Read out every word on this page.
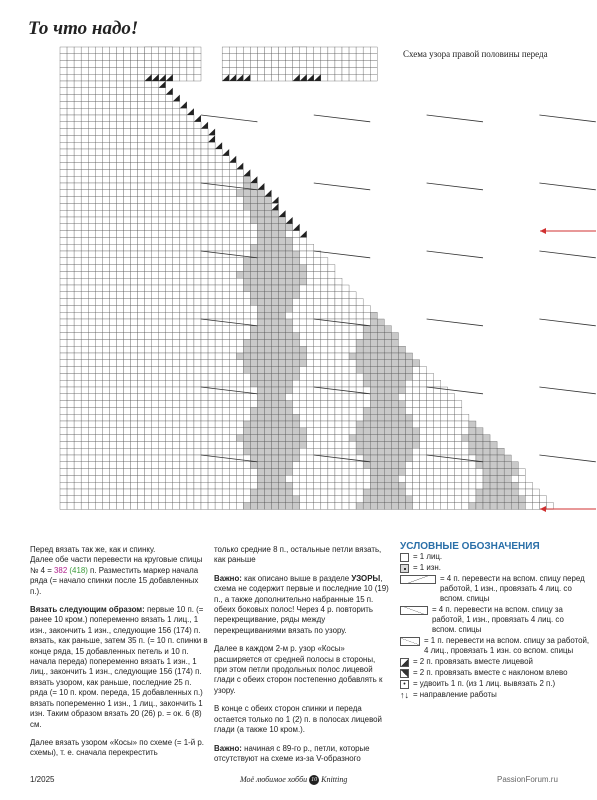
То что надо!
Схема узора правой половины переда

Перед вязать так же, как и спинку.
Далее обе части перевести на круговые спицы № 4 = 382 (418) п. Разместить маркер начала ряда (= начало спинки после 15 добавленных п.).

Вязать следующим образом: первые 10 п. (= ранее 10 кром.) попеременно вязать 1 лиц., 1 изн., закончить 1 изн., следующие 156 (174) п. вязать, как раньше, затем 35 п. (= 10 п. спинки в конце ряда, 15 добавленных петель и 10 п. начала переда) попеременно вязать 1 изн., 1 лиц., закончить 1 изн., следующие 156 (174) п. вязать узором, как раньше, последние 25 п. ряда (= 10 п. кром. переда, 15 добавленных п.) вязать попеременно 1 изн., 1 лиц., закончить 1 изн. Таким образом вязать 20 (26) р. = ок. 6 (8) см.

Далее вязать узором «Косы» по схеме (= 1-й р. схемы), т. е. сначала перекрестить

только средние 8 п., остальные петли вязать, как раньше

Важно: как описано выше в разделе УЗОРЫ, схема не содержит первые и последние 10 (19) п., а также дополнительно набранные 15 п. обеих боковых полос! Через 4 р. повторить перекрещивание, ряды между перекрещиваниями вязать по узору.

Далее в каждом 2-м р. узор «Косы» расширяется от средней полосы в стороны, при этом петли продольных полос лицевой глади с обеих сторон постепенно добавлять к узору.

В конце с обеих сторон спинки и переда остается только по 1 (2) п. в полосах лицевой глади (а также 10 кром.).

Важно: начиная с 89-го р., петли, которые отсутствуют на схеме из-за V-образного

УСЛОВНЫЕ ОБОЗНАЧЕНИЯ
= 1 лиц.
= 1 изн.
= 4 п. перевести на вспом. спицу перед работой, 1 изн., провязать 4 лиц. со вспом. спицы
= 4 п. перевести на вспом. спицу за работой, 1 изн., провязать 4 лиц. со вспом. спицы
= 1 п. перевести на вспом. спицу за работой, 4 лиц., провязать 1 изн. со вспом. спицы
= 2 п. провязать вместе лицевой
= 2 п. провязать вместе с наклоном влево
• = удвоить 1 п. (из 1 лиц. вывязать 2 п.)
↑↓ = направление работы
1/2025	Моё любимое хобби 10 Knitting	PassionForum.ru
